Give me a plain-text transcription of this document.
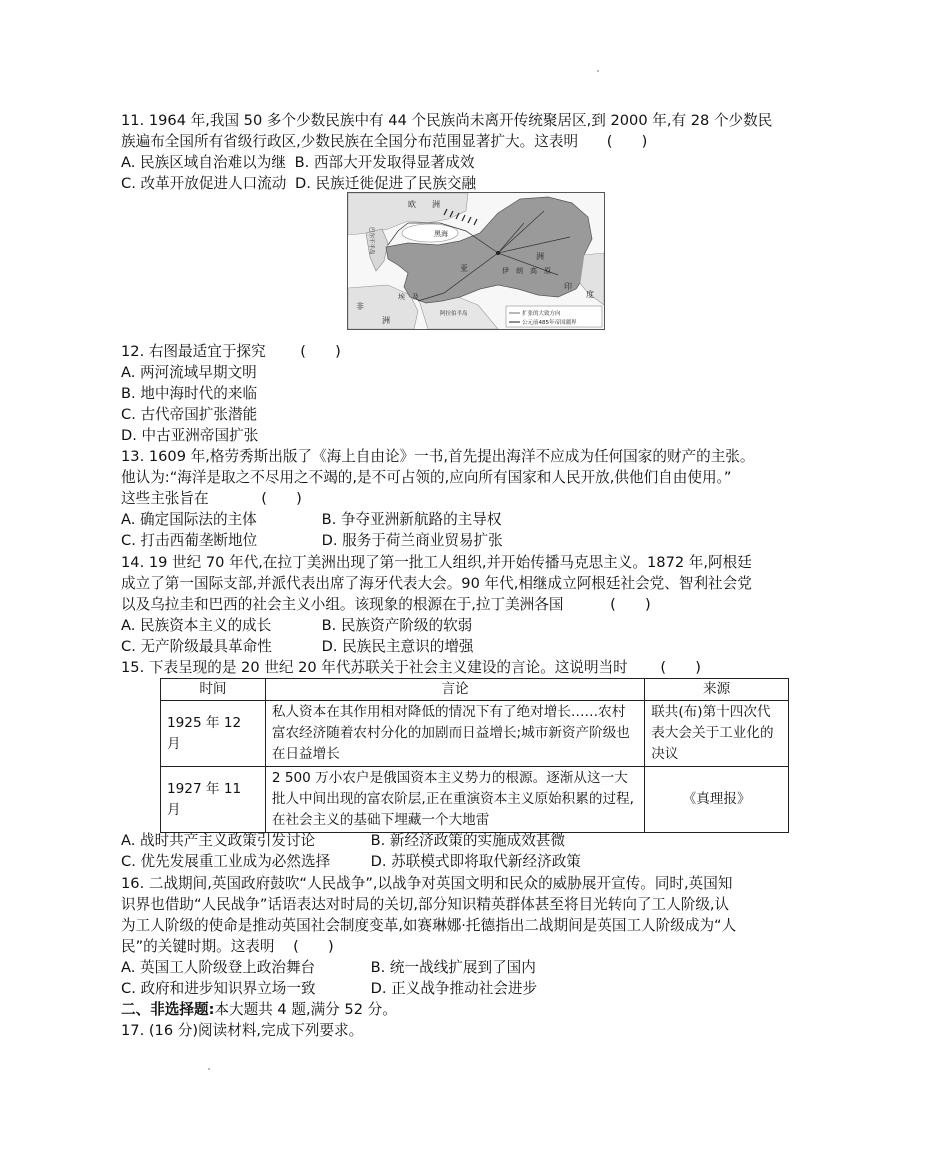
11. 1964 年,我国 50 多个少数民族中有 44 个民族尚未离开传统聚居区,到 2000 年,有 28 个少数民
族遍布全国所有省级行政区,少数民族在全国分布范围显著扩大。这表明 (　　)
A. 民族区域自治难以为继 B. 西部大开发取得显著成效
C. 改革开放促进人口流动 D. 民族迁徙促进了民族交融
欧 洲
巴尔干半岛	黑海
亚
洲
伊　朗　高　原
印
度
埃　及
非
洲
阿拉伯半岛	扩张的大致方向
公元前485年帝国疆界
12. 右图最适宜于探究 (　　)
A. 两河流域早期文明
B. 地中海时代的来临
C. 古代帝国扩张潜能
D. 中古亚洲帝国扩张
13. 1609 年,格劳秀斯出版了《海上自由论》一书,首先提出海洋不应成为任何国家的财产的主张。
他认为:“海洋是取之不尽用之不竭的,是不可占领的,应向所有国家和人民开放,供他们自由使用。”
这些主张旨在	(　　)
A. 确定国际法的主体	B. 争夺亚洲新航路的主导权
C. 打击西葡垄断地位	D. 服务于荷兰商业贸易扩张
14. 19 世纪 70 年代,在拉丁美洲出现了第一批工人组织,并开始传播马克思主义。1872 年,阿根廷
成立了第一国际支部,并派代表出席了海牙代表大会。90 年代,相继成立阿根廷社会党、智利社会党
以及乌拉圭和巴西的社会主义小组。该现象的根源在于,拉丁美洲各国	(　　)
A. 民族资本主义的成长	B. 民族资产阶级的软弱
C. 无产阶级最具革命性	D. 民族民主意识的增强
15. 下表呈现的是 20 世纪 20 年代苏联关于社会主义建设的言论。这说明当时 (　　)
时间	言论	来源
1925 年 12 月	私人资本在其作用相对降低的情况下有了绝对增长……农村富农经济随着农村分化的加剧而日益增长;城市新资产阶级也在日益增长	联共(布)第十四次代表大会关于工业化的决议
1927 年 11 月	2 500 万小农户是俄国资本主义势力的根源。逐渐从这一大批人中间出现的富农阶层,正在重演资本主义原始积累的过程,在社会主义的基础下埋藏一个大地雷	《真理报》
A. 战时共产主义政策引发讨论	B. 新经济政策的实施成效甚微
C. 优先发展重工业成为必然选择	D. 苏联模式即将取代新经济政策
16. 二战期间,英国政府鼓吹“人民战争”,以战争对英国文明和民众的威胁展开宣传。同时,英国知
识界也借助“人民战争”话语表达对时局的关切,部分知识精英群体甚至将目光转向了工人阶级,认
为工人阶级的使命是推动英国社会制度变革,如赛琳娜·托德指出二战期间是英国工人阶级成为“人
民”的关键时期。这表明 (　　)
A. 英国工人阶级登上政治舞台	B. 统一战线扩展到了国内
C. 政府和进步知识界立场一致	D. 正义战争推动社会进步
二、非选择题:本大题共 4 题,满分 52 分。
17. (16 分)阅读材料,完成下列要求。
